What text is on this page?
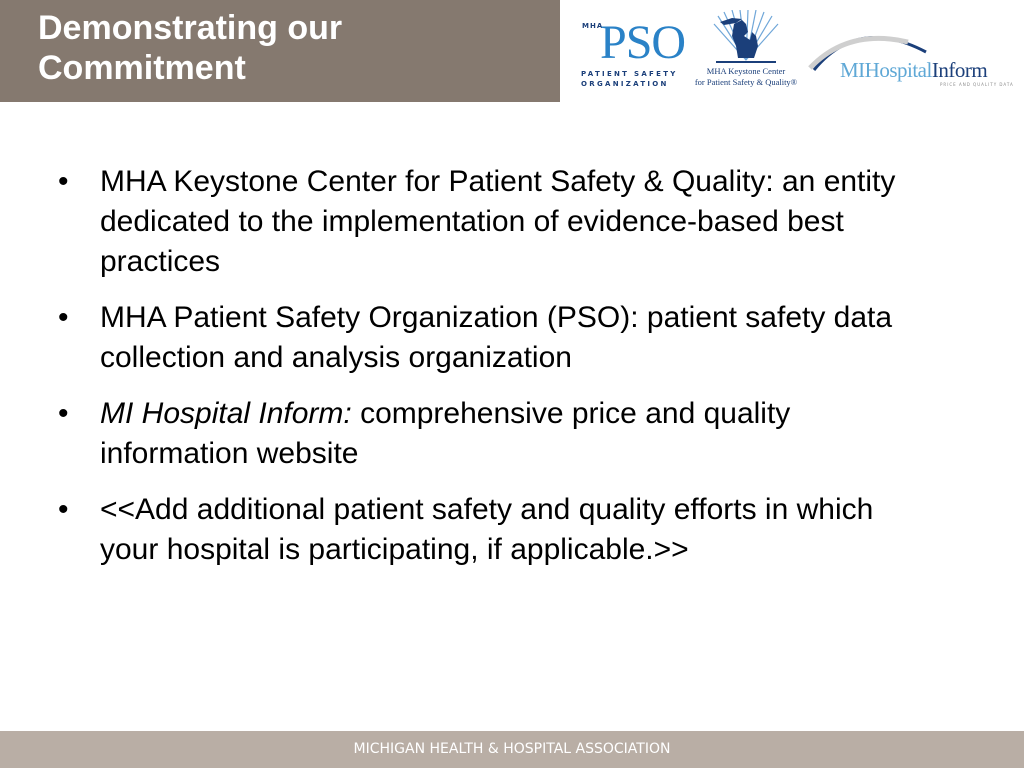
Demonstrating our Commitment
MHA
PSO
PATIENT SAFETY
ORGANIZATION
MHA Keystone Center
for Patient Safety & Quality® MIHospitalInform
PRICE AND QUALITY DATA
• MHA Keystone Center for Patient Safety & Quality: an entity dedicated to the implementation of evidence-based best practices
• MHA Patient Safety Organization (PSO): patient safety data collection and analysis organization
• MI Hospital Inform: comprehensive price and quality information website
• <<Add additional patient safety and quality efforts in which your hospital is participating, if applicable.>>
MICHIGAN HEALTH & HOSPITAL ASSOCIATION
